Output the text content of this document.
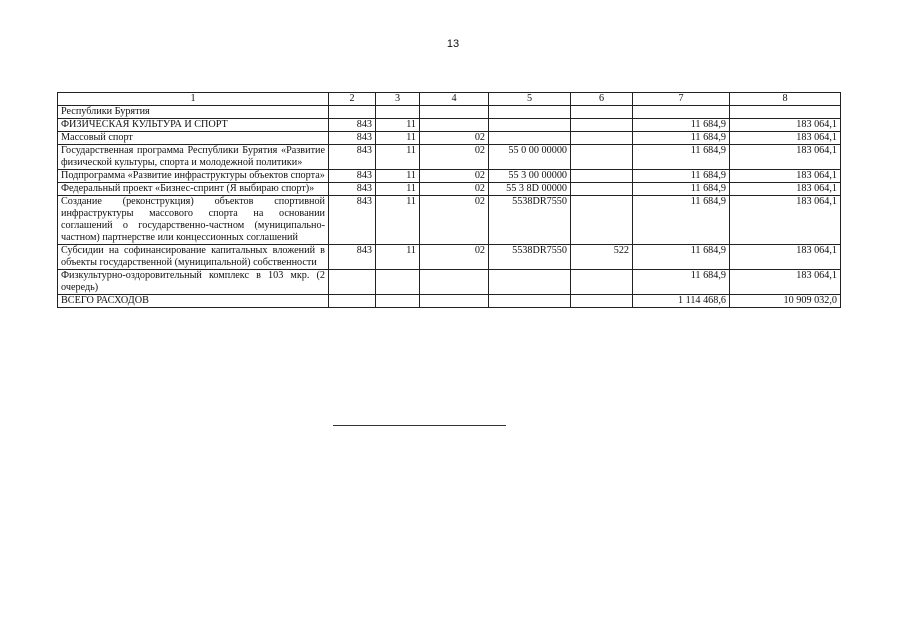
13
1	2	3	4	5	6	7	8
Республики Бурятия							
ФИЗИЧЕСКАЯ КУЛЬТУРА И СПОРТ	843	11				11 684,9	183 064,1
Массовый спорт	843	11	02			11 684,9	183 064,1
Государственная программа Республики Бурятия «Развитие физической культуры, спорта и молодежной политики»	843	11	02	55 0 00 00000		11 684,9	183 064,1
Подпрограмма «Развитие инфраструктуры объектов спорта»	843	11	02	55 3 00 00000		11 684,9	183 064,1
Федеральный проект «Бизнес-спринт (Я выбираю спорт)»	843	11	02	55 3 8D 00000		11 684,9	183 064,1
Создание (реконструкция) объектов спортивной инфраструктуры массового спорта на основании соглашений о государственно-частном (муниципально-частном) партнерстве или концессионных соглашений	843	11	02	5538DR7550		11 684,9	183 064,1
Субсидии на софинансирование капитальных вложений в объекты государственной (муниципальной) собственности	843	11	02	5538DR7550	522	11 684,9	183 064,1
Физкультурно-оздоровительный комплекс в 103 мкр. (2 очередь)						11 684,9	183 064,1
ВСЕГО РАСХОДОВ						1 114 468,6	10 909 032,0
